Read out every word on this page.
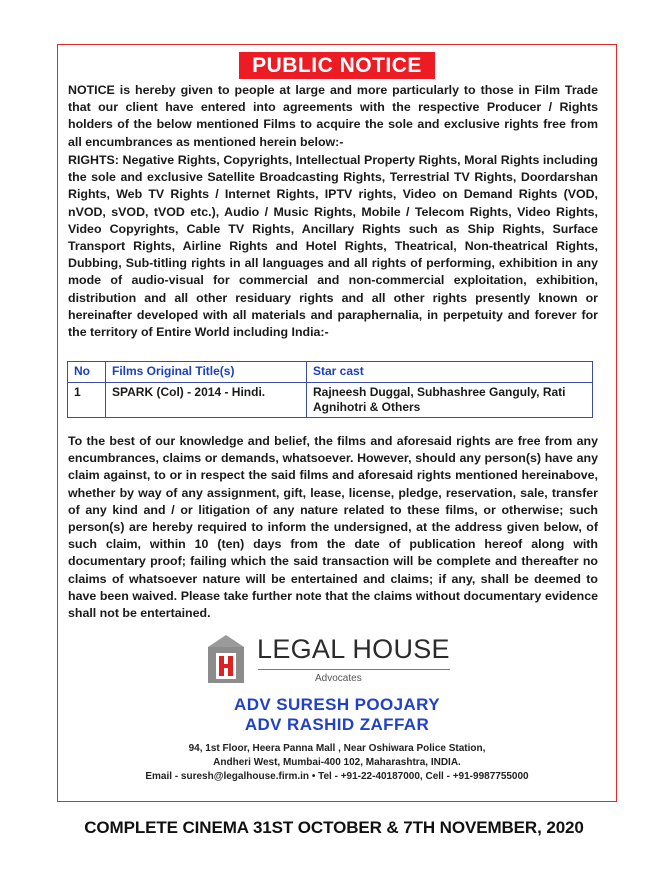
PUBLIC NOTICE
NOTICE is hereby given to people at large and more particularly to those in Film Trade that our client have entered into agreements with the respective Producer / Rights holders of the below mentioned Films to acquire the sole and exclusive rights free from all encumbrances as mentioned herein below:-
RIGHTS: Negative Rights, Copyrights, Intellectual Property Rights, Moral Rights including the sole and exclusive Satellite Broadcasting Rights, Terrestrial TV Rights, Doordarshan Rights, Web TV Rights / Internet Rights, IPTV rights, Video on Demand Rights (VOD, nVOD, sVOD, tVOD etc.), Audio / Music Rights, Mobile / Telecom Rights, Video Rights, Video Copyrights, Cable TV Rights, Ancillary Rights such as Ship Rights, Surface Transport Rights, Airline Rights and Hotel Rights, Theatrical, Non-theatrical Rights, Dubbing, Sub-titling rights in all languages and all rights of performing, exhibition in any mode of audio-visual for commercial and non-commercial exploitation, exhibition, distribution and all other residuary rights and all other rights presently known or hereinafter developed with all materials and paraphernalia, in perpetuity and forever for the territory of Entire World including India:-
No	Films Original Title(s)	Star cast
1	SPARK (Col) - 2014 - Hindi.	Rajneesh Duggal, Subhashree Ganguly, Rati Agnihotri & Others
To the best of our knowledge and belief, the films and aforesaid rights are free from any encumbrances, claims or demands, whatsoever. However, should any person(s) have any claim against, to or in respect the said films and aforesaid rights mentioned hereinabove, whether by way of any assignment, gift, lease, license, pledge, reservation, sale, transfer of any kind and / or litigation of any nature related to these films, or otherwise; such person(s) are hereby required to inform the undersigned, at the address given below, of such claim, within 10 (ten) days from the date of publication hereof along with documentary proof; failing which the said transaction will be complete and thereafter no claims of whatsoever nature will be entertained and claims; if any, shall be deemed to have been waived. Please take further note that the claims without documentary evidence shall not be entertained.
LEGAL HOUSE
Advocates
ADV SURESH POOJARY
ADV RASHID ZAFFAR
94, 1st Floor, Heera Panna Mall , Near Oshiwara Police Station,
Andheri West, Mumbai-400 102, Maharashtra, INDIA.
Email - suresh@legalhouse.firm.in • Tel - +91-22-40187000, Cell - +91-9987755000
COMPLETE CINEMA 31ST OCTOBER & 7TH NOVEMBER, 2020
